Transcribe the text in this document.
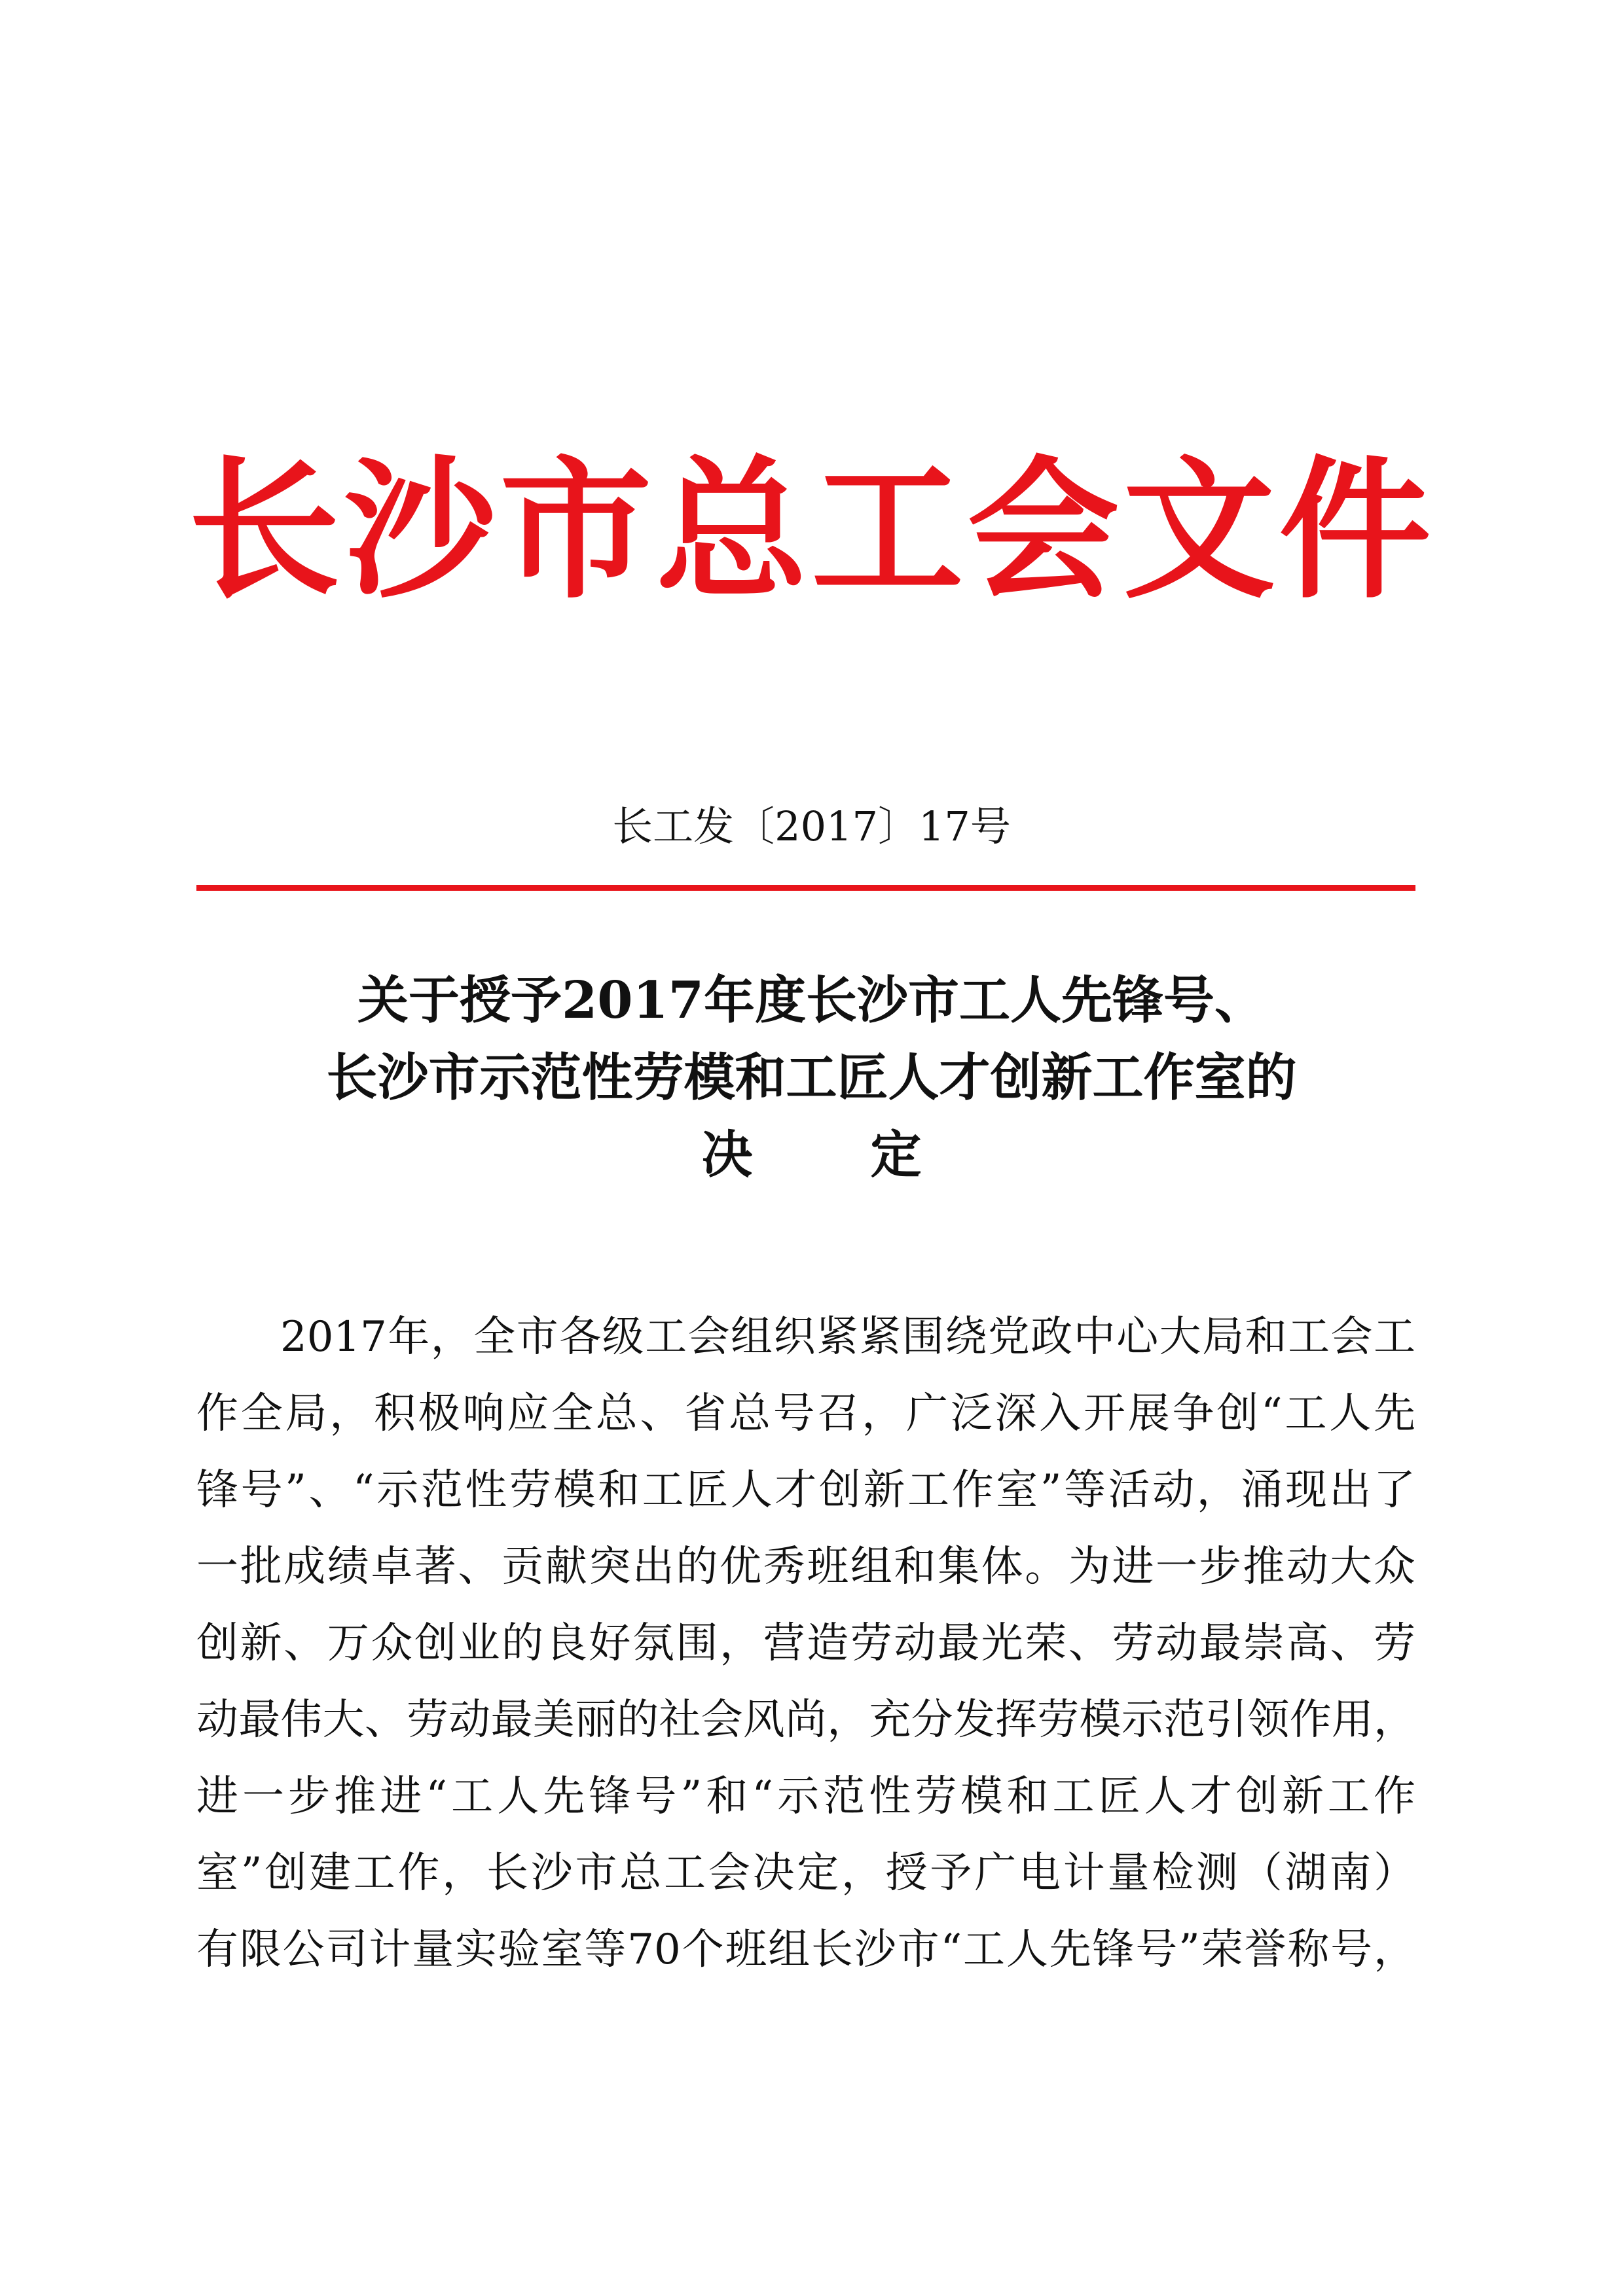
长沙市总工会文件
长工发〔2017〕17号
关于授予2017年度长沙市工人先锋号、
长沙市示范性劳模和工匠人才创新工作室的
决定
2017年，全市各级工会组织紧紧围绕党政中心大局和工会工
作全局，积极响应全总、省总号召，广泛深入开展争创“工人先
锋号”、“示范性劳模和工匠人才创新工作室”等活动，涌现出了
一批成绩卓著、贡献突出的优秀班组和集体。为进一步推动大众
创新、万众创业的良好氛围，营造劳动最光荣、劳动最崇高、劳
动最伟大、劳动最美丽的社会风尚，充分发挥劳模示范引领作用，
进一步推进“工人先锋号”和“示范性劳模和工匠人才创新工作
室”创建工作，长沙市总工会决定，授予广电计量检测（湖南）
有限公司计量实验室等70个班组长沙市“工人先锋号”荣誉称号，
